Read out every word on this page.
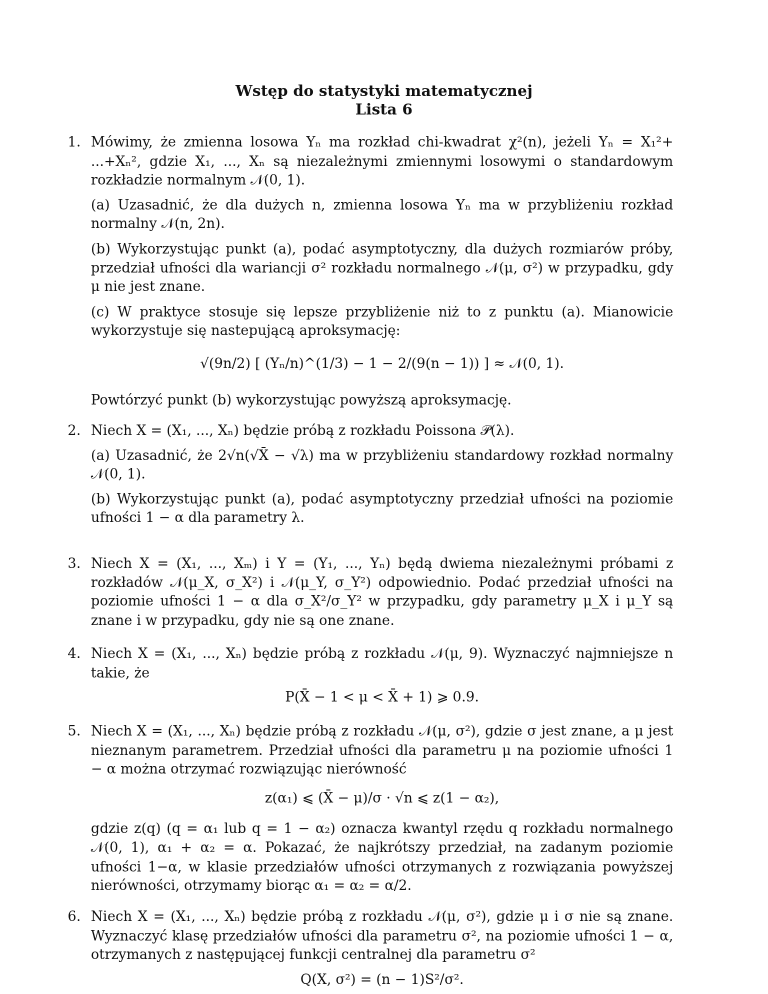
Wstęp do statystyki matematycznej
Lista 6
1. Mówimy, że zmienna losowa Yₙ ma rozkład chi-kwadrat χ²(n), jeżeli Yₙ = X₁²+ ...+Xₙ², gdzie X₁, ..., Xₙ są niezależnymi zmiennymi losowymi o standardowym rozkładzie normalnym 𝒩(0, 1).

(a) Uzasadnić, że dla dużych n, zmienna losowa Yₙ ma w przybliżeniu rozkład normalny 𝒩(n, 2n).

(b) Wykorzystując punkt (a), podać asymptotyczny, dla dużych rozmiarów próby, przedział ufności dla wariancji σ² rozkładu normalnego 𝒩(μ, σ²) w przypadku, gdy μ nie jest znane.

(c) W praktyce stosuje się lepsze przybliżenie niż to z punktu (a). Mianowicie wykorzystuje się nastepującą aproksymację:

√(9n/2) [ (Yₙ/n)^(1/3) − 1 − 2/(9(n − 1)) ] ≈ 𝒩(0, 1).

Powtórzyć punkt (b) wykorzystując powyższą aproksymację.

2. Niech X = (X₁, ..., Xₙ) będzie próbą z rozkładu Poissona 𝒫(λ).

(a) Uzasadnić, że 2√n(√X̄ − √λ) ma w przybliżeniu standardowy rozkład normalny 𝒩(0, 1).

(b) Wykorzystując punkt (a), podać asymptotyczny przedział ufności na poziomie ufności 1 − α dla parametry λ.

3. Niech X = (X₁, ..., Xₘ) i Y = (Y₁, ..., Yₙ) będą dwiema niezależnymi próbami z rozkładów 𝒩(μ_X, σ_X²) i 𝒩(μ_Y, σ_Y²) odpowiednio. Podać przedział ufności na poziomie ufności 1 − α dla σ_X²/σ_Y² w przypadku, gdy parametry μ_X i μ_Y są znane i w przypadku, gdy nie są one znane.

4. Niech X = (X₁, ..., Xₙ) będzie próbą z rozkładu 𝒩(μ, 9). Wyznaczyć najmniejsze n takie, że

P(X̄ − 1 < μ < X̄ + 1) ⩾ 0.9.
5. Niech X = (X₁, ..., Xₙ) będzie próbą z rozkładu 𝒩(μ, σ²), gdzie σ jest znane, a μ jest nieznanym parametrem. Przedział ufności dla parametru μ na poziomie ufności 1 − α można otrzymać rozwiązując nierówność

z(α₁) ⩽ (X̄ − μ)/σ · √n ⩽ z(1 − α₂),

gdzie z(q) (q = α₁ lub q = 1 − α₂) oznacza kwantyl rzędu q rozkładu normalnego 𝒩(0, 1), α₁ + α₂ = α. Pokazać, że najkrótszy przedział, na zadanym poziomie ufności 1−α, w klasie przedziałów ufności otrzymanych z rozwiązania powyższej nierówności, otrzymamy biorąc α₁ = α₂ = α/2.

6. Niech X = (X₁, ..., Xₙ) będzie próbą z rozkładu 𝒩(μ, σ²), gdzie μ i σ nie są znane. Wyznaczyć klasę przedziałów ufności dla parametru σ², na poziomie ufności 1 − α, otrzymanych z następującej funkcji centralnej dla parametru σ²

Q(X, σ²) = (n − 1)S²/σ².
